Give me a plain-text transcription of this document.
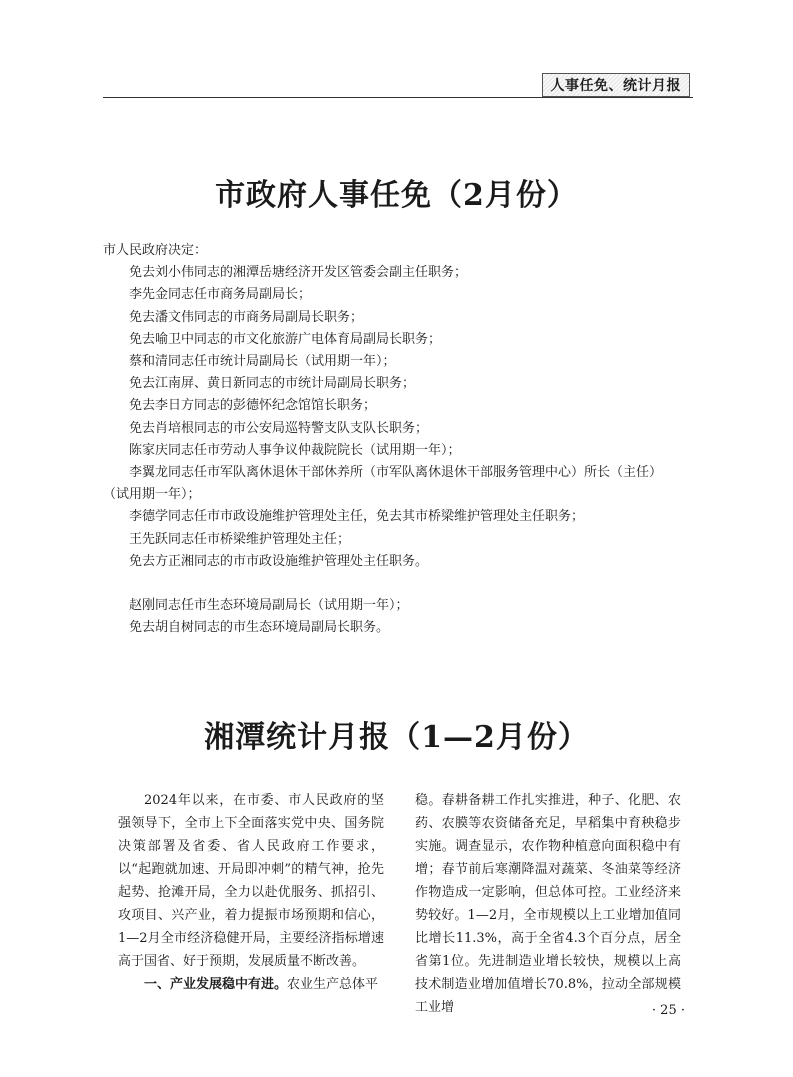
人事任免、统计月报
市政府人事任免（2月份）
市人民政府决定：
免去刘小伟同志的湘潭岳塘经济开发区管委会副主任职务；
李先金同志任市商务局副局长；
免去潘文伟同志的市商务局副局长职务；
免去喻卫中同志的市文化旅游广电体育局副局长职务；
蔡和清同志任市统计局副局长（试用期一年）；
免去江南屏、黄日新同志的市统计局副局长职务；
免去李日方同志的彭德怀纪念馆馆长职务；
免去肖培根同志的市公安局巡特警支队支队长职务；
陈家庆同志任市劳动人事争议仲裁院院长（试用期一年）；
李翼龙同志任市军队离休退休干部休养所（市军队离休退休干部服务管理中心）所长（主任）
（试用期一年）；
李德学同志任市市政设施维护管理处主任，免去其市桥梁维护管理处主任职务；
王先跃同志任市桥梁维护管理处主任；
免去方正湘同志的市市政设施维护管理处主任职务。
赵刚同志任市生态环境局副局长（试用期一年）；
免去胡自树同志的市生态环境局副局长职务。
湘潭统计月报（1—2月份）

2024年以来，在市委、市人民政府的坚强领导下，全市上下全面落实党中央、国务院决策部署及省委、省人民政府工作要求，以“起跑就加速、开局即冲刺”的精气神，抢先起势、抢滩开局，全力以赴优服务、抓招引、攻项目、兴产业，着力提振市场预期和信心，1—2月全市经济稳健开局，主要经济指标增速高于国省、好于预期，发展质量不断改善。

一、产业发展稳中有进。农业生产总体平

稳。春耕备耕工作扎实推进，种子、化肥、农药、农膜等农资储备充足，早稻集中育秧稳步实施。调查显示，农作物种植意向面积稳中有增；春节前后寒潮降温对蔬菜、冬油菜等经济作物造成一定影响，但总体可控。工业经济来势较好。1—2月，全市规模以上工业增加值同比增长11.3%，高于全省4.3个百分点，居全省第1位。先进制造业增长较快，规模以上高技术制造业增加值增长70.8%，拉动全部规模工业增	· 25 ·
